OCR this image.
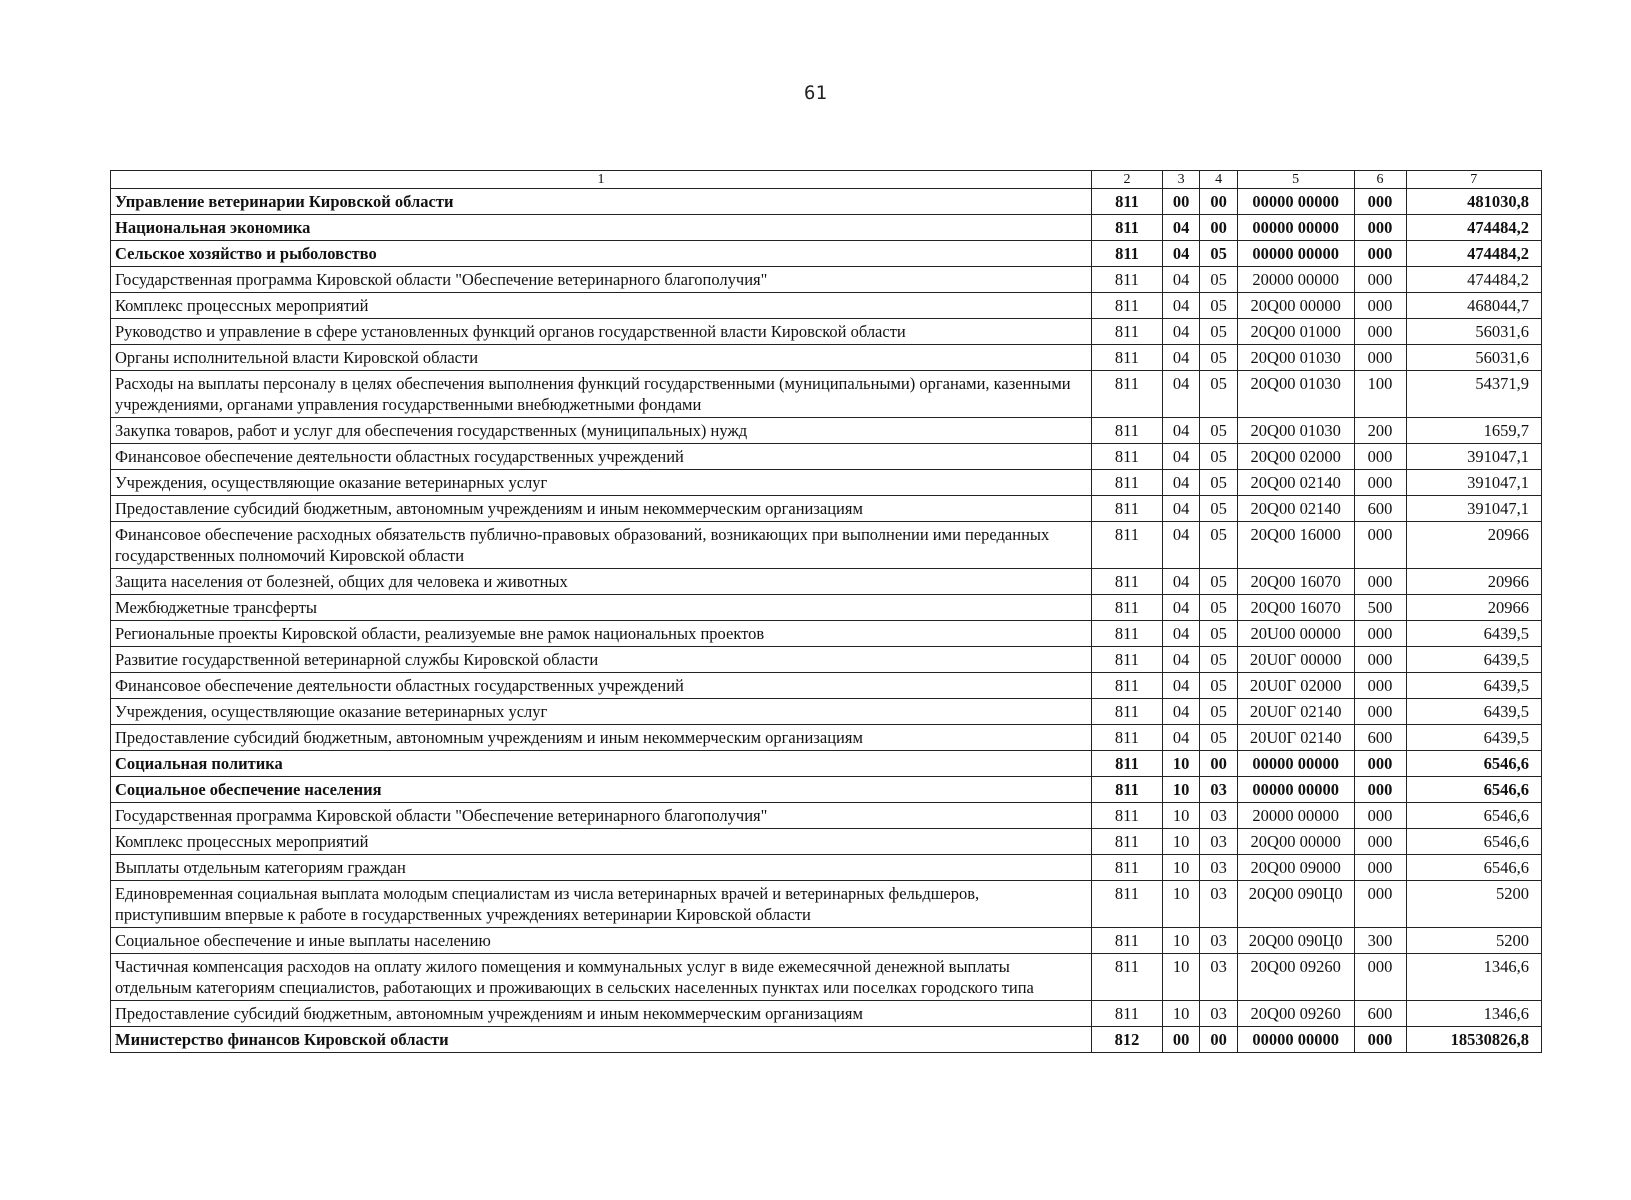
61
1	2	3	4	5	6	7
Управление ветеринарии Кировской области	811	00	00	00000 00000	000	481030,8
Национальная экономика	811	04	00	00000 00000	000	474484,2
Сельское хозяйство и рыболовство	811	04	05	00000 00000	000	474484,2
Государственная программа Кировской области "Обеспечение ветеринарного благополучия"	811	04	05	20000 00000	000	474484,2
Комплекс процессных мероприятий	811	04	05	20Q00 00000	000	468044,7
Руководство и управление в сфере установленных функций органов государственной власти Кировской области	811	04	05	20Q00 01000	000	56031,6
Органы исполнительной власти Кировской области	811	04	05	20Q00 01030	000	56031,6
Расходы на выплаты персоналу в целях обеспечения выполнения функций государственными (муниципальными) органами, казенными учреждениями, органами управления государственными внебюджетными фондами	811	04	05	20Q00 01030	100	54371,9
Закупка товаров, работ и услуг для обеспечения государственных (муниципальных) нужд	811	04	05	20Q00 01030	200	1659,7
Финансовое обеспечение деятельности областных государственных учреждений	811	04	05	20Q00 02000	000	391047,1
Учреждения, осуществляющие оказание ветеринарных услуг	811	04	05	20Q00 02140	000	391047,1
Предоставление субсидий бюджетным, автономным учреждениям и иным некоммерческим организациям	811	04	05	20Q00 02140	600	391047,1
Финансовое обеспечение расходных обязательств публично-правовых образований, возникающих при выполнении ими переданных государственных полномочий Кировской области	811	04	05	20Q00 16000	000	20966
Защита населения от болезней, общих для человека и животных	811	04	05	20Q00 16070	000	20966
Межбюджетные трансферты	811	04	05	20Q00 16070	500	20966
Региональные проекты Кировской области, реализуемые вне рамок национальных проектов	811	04	05	20U00 00000	000	6439,5
Развитие государственной ветеринарной службы Кировской области	811	04	05	20U0Г 00000	000	6439,5
Финансовое обеспечение деятельности областных государственных учреждений	811	04	05	20U0Г 02000	000	6439,5
Учреждения, осуществляющие оказание ветеринарных услуг	811	04	05	20U0Г 02140	000	6439,5
Предоставление субсидий бюджетным, автономным учреждениям и иным некоммерческим организациям	811	04	05	20U0Г 02140	600	6439,5
Социальная политика	811	10	00	00000 00000	000	6546,6
Социальное обеспечение населения	811	10	03	00000 00000	000	6546,6
Государственная программа Кировской области "Обеспечение ветеринарного благополучия"	811	10	03	20000 00000	000	6546,6
Комплекс процессных мероприятий	811	10	03	20Q00 00000	000	6546,6
Выплаты отдельным категориям граждан	811	10	03	20Q00 09000	000	6546,6
Единовременная социальная выплата молодым специалистам из числа ветеринарных врачей и ветеринарных фельдшеров, приступившим впервые к работе в государственных учреждениях ветеринарии Кировской области	811	10	03	20Q00 090Ц0	000	5200
Социальное обеспечение и иные выплаты населению	811	10	03	20Q00 090Ц0	300	5200
Частичная компенсация расходов на оплату жилого помещения и коммунальных услуг в виде ежемесячной денежной выплаты отдельным категориям специалистов, работающих и проживающих в сельских населенных пунктах или поселках городского типа	811	10	03	20Q00 09260	000	1346,6
Предоставление субсидий бюджетным, автономным учреждениям и иным некоммерческим организациям	811	10	03	20Q00 09260	600	1346,6
Министерство финансов Кировской области	812	00	00	00000 00000	000	18530826,8
